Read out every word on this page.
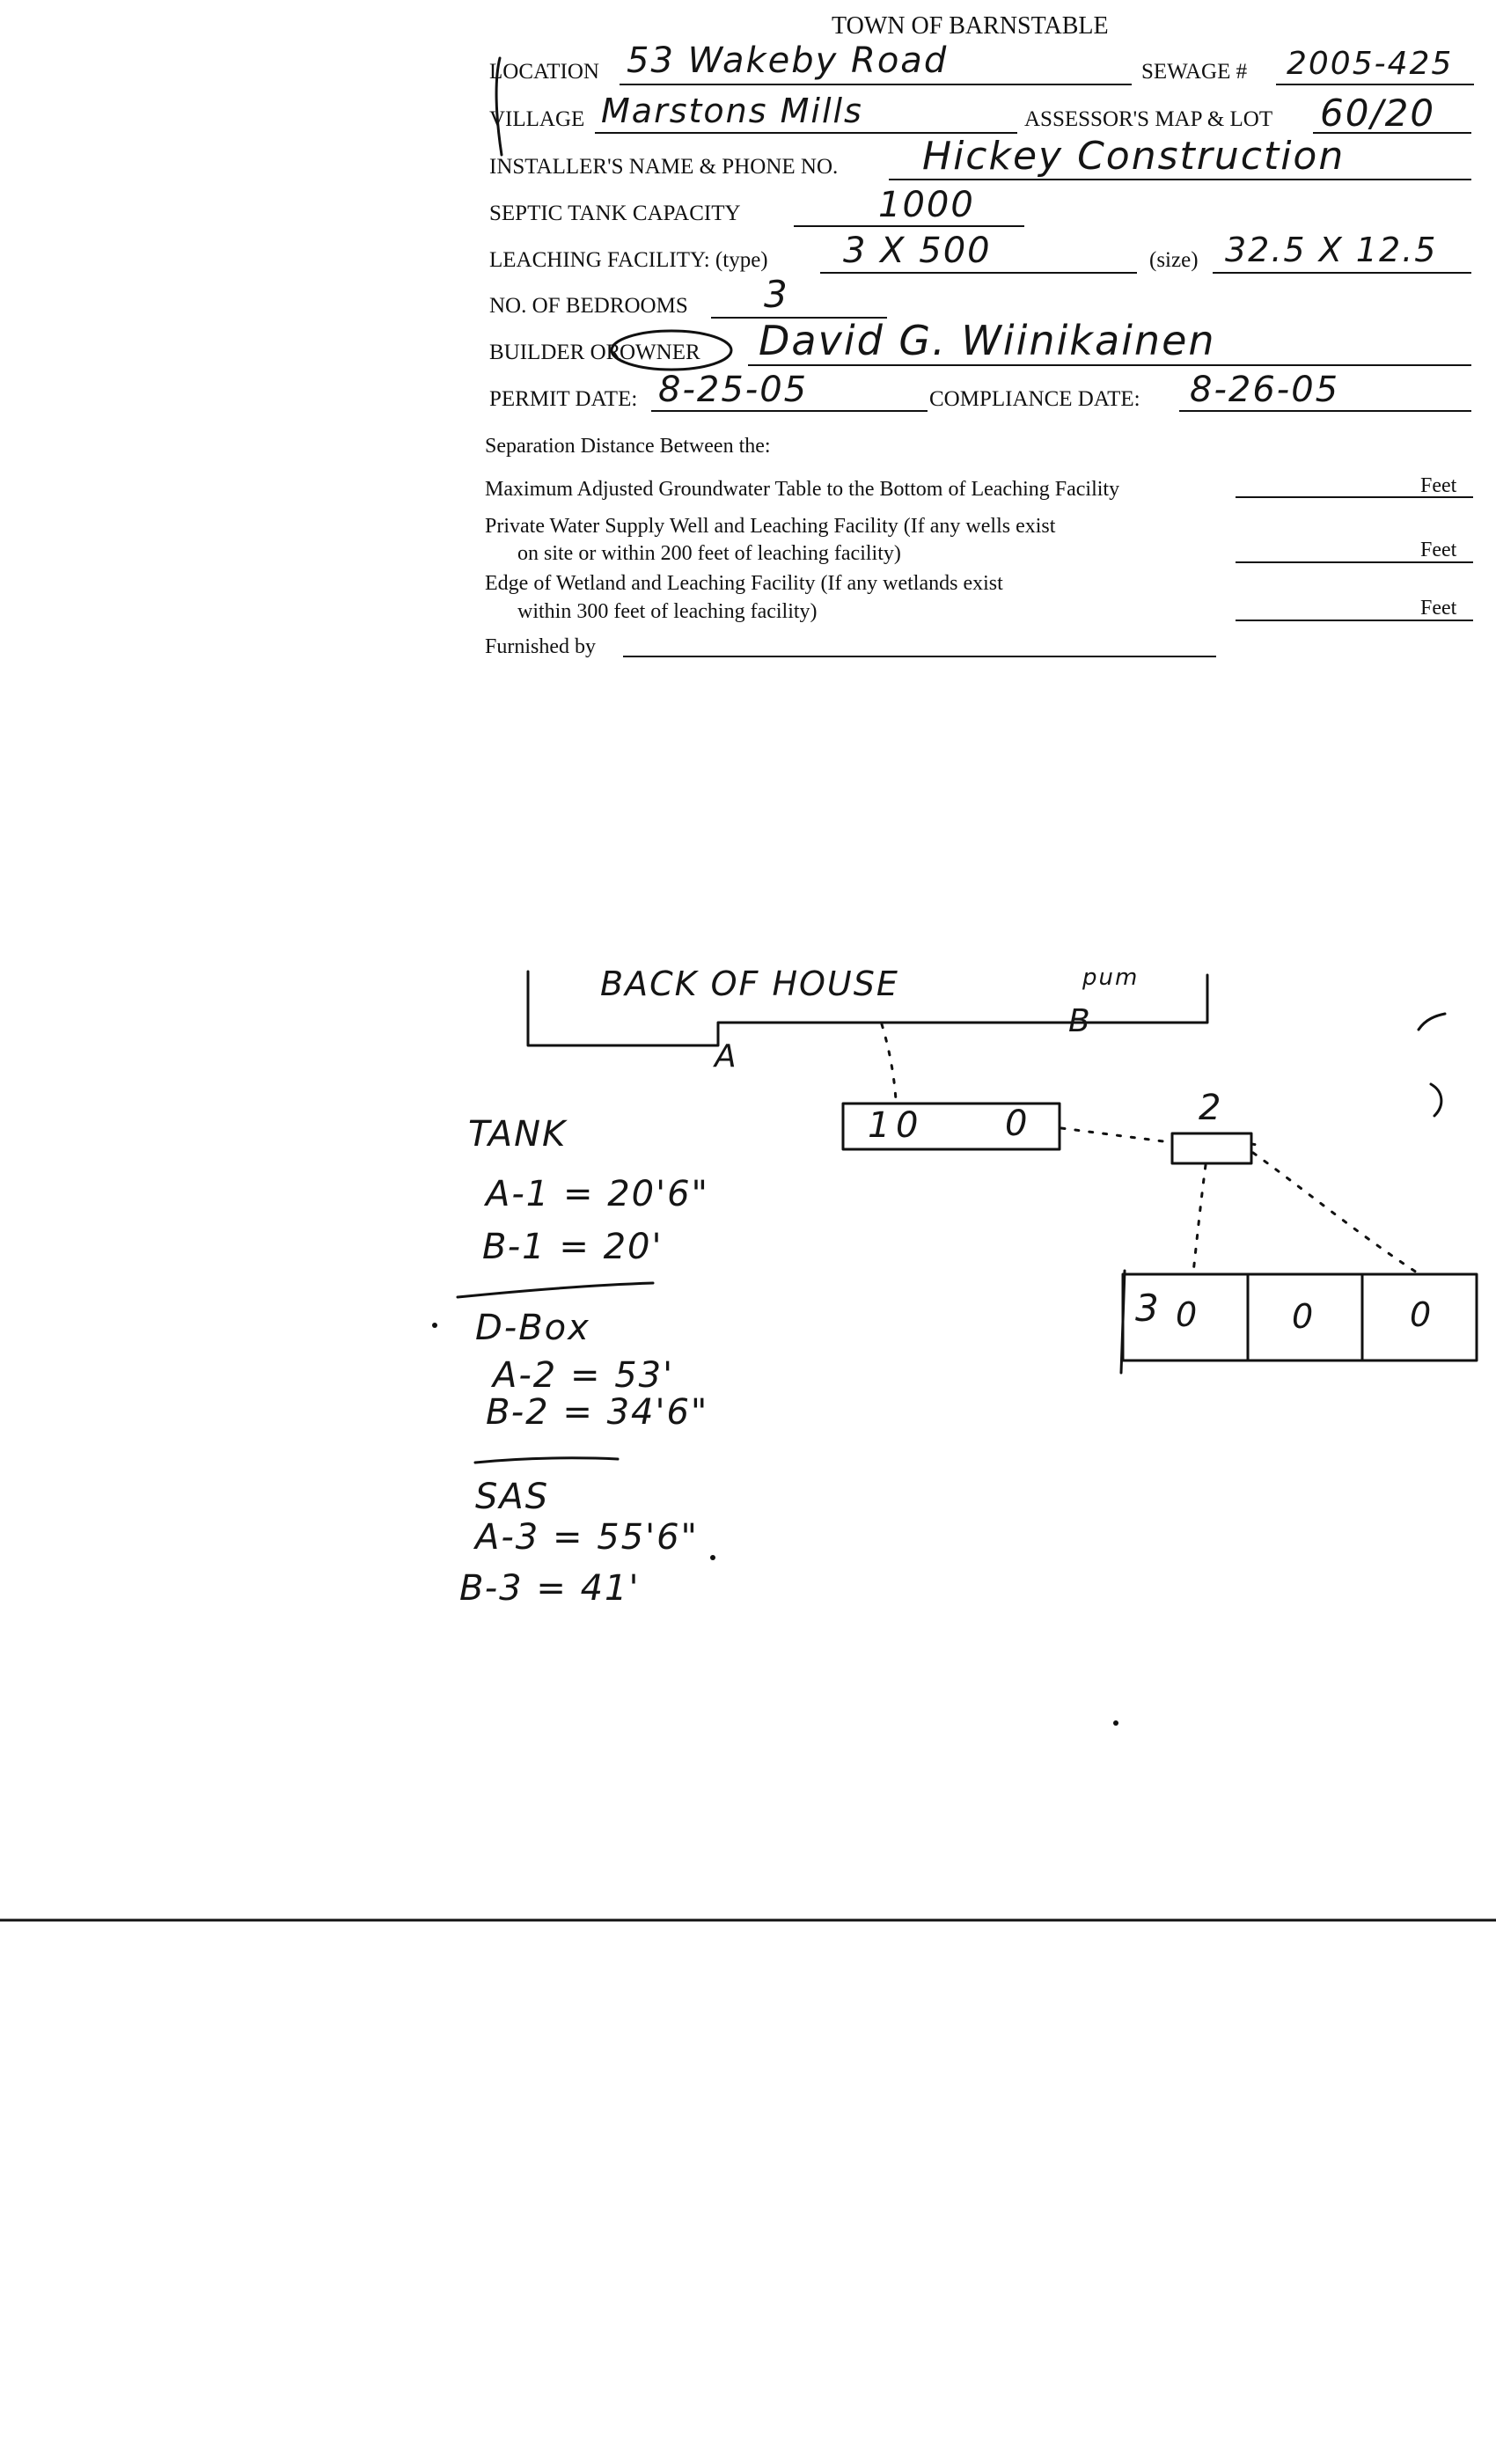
TOWN OF BARNSTABLE
LOCATION 53 Wakeby Road	SEWAGE # 2005-425
VILLAGE Marstons Mills	ASSESSOR'S MAP & LOT 60/20
INSTALLER'S NAME & PHONE NO. Hickey Construction
SEPTIC TANK CAPACITY	1000
LEACHING FACILITY: (type) 3 X 500	(size) 32.5 X 12.5
NO. OF BEDROOMS 3
BUILDER OR
OWNER David G. Wiinikainen
PERMIT DATE: 8-25-05	COMPLIANCE DATE: 8-26-05
Separation Distance Between the:
Maximum Adjusted Groundwater Table to the Bottom of Leaching Facility	Feet
Private Water Supply Well and Leaching Facility (If any wells exist
on site or within 200 feet of leaching facility)	Feet
Edge of Wetland and Leaching Facility (If any wetlands exist
within 300 feet of leaching facility)	Feet
Furnished by
BACK OF HOUSE	pum
A
B
1 0 0	2
3 0	0	0
TANK
A-1 = 20'6"
B-1 = 20'
D-Box
A-2 = 53'
B-2 = 34'6"
SAS
A-3 = 55'6"
B-3 = 41'
